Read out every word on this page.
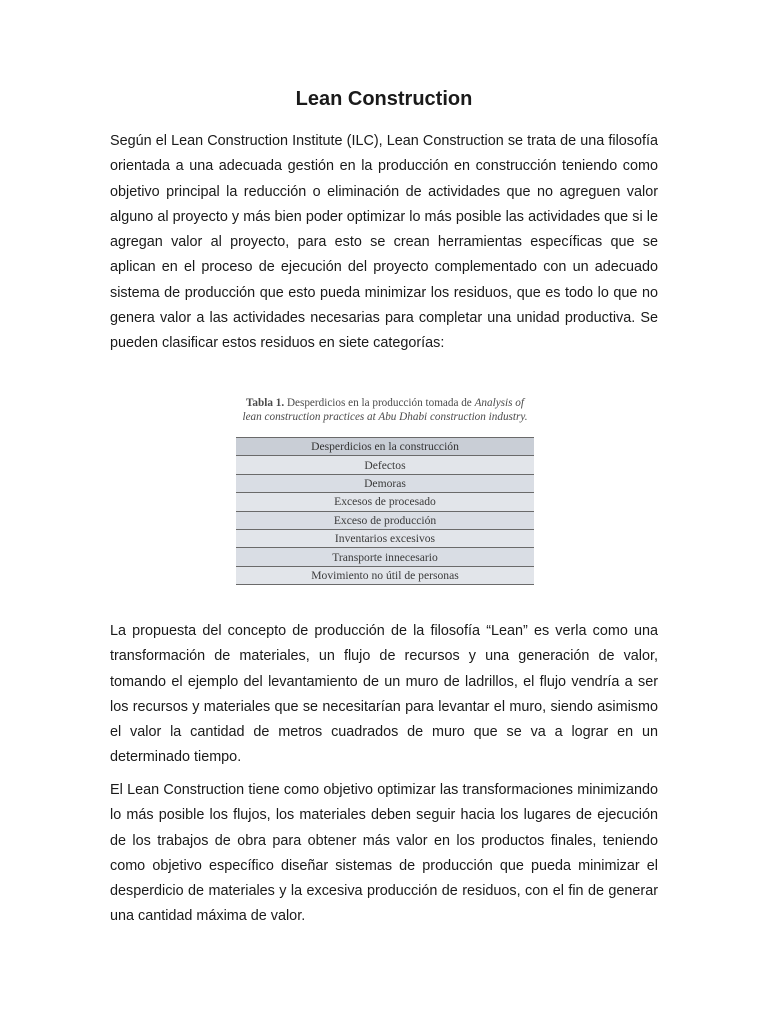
Lean Construction

Según el Lean Construction Institute (ILC), Lean Construction se trata de una filosofía orientada a una adecuada gestión en la producción en construcción teniendo como objetivo principal la reducción o eliminación de actividades que no agreguen valor alguno al proyecto y más bien poder optimizar lo más posible las actividades que si le agregan valor al proyecto, para esto se crean herramientas específicas que se aplican en el proceso de ejecución del proyecto complementado con un adecuado sistema de producción que esto pueda minimizar los residuos, que es todo lo que no genera valor a las actividades necesarias para completar una unidad productiva. Se pueden clasificar estos residuos en siete categorías:

Tabla 1. Desperdicios en la producción tomada de Analysis of lean construction practices at Abu Dhabi construction industry.

Desperdicios en la construcción
Defectos
Demoras
Excesos de procesado
Exceso de producción
Inventarios excesivos
Transporte innecesario
Movimiento no útil de personas

La propuesta del concepto de producción de la filosofía “Lean” es verla como una transformación de materiales, un flujo de recursos y una generación de valor, tomando el ejemplo del levantamiento de un muro de ladrillos, el flujo vendría a ser los recursos y materiales que se necesitarían para levantar el muro, siendo asimismo el valor la cantidad de metros cuadrados de muro que se va a lograr en un determinado tiempo.

El Lean Construction tiene como objetivo optimizar las transformaciones minimizando lo más posible los flujos, los materiales deben seguir hacia los lugares de ejecución de los trabajos de obra para obtener más valor en los productos finales, teniendo como objetivo específico diseñar sistemas de producción que pueda minimizar el desperdicio de materiales y la excesiva producción de residuos, con el fin de generar una cantidad máxima de valor.
